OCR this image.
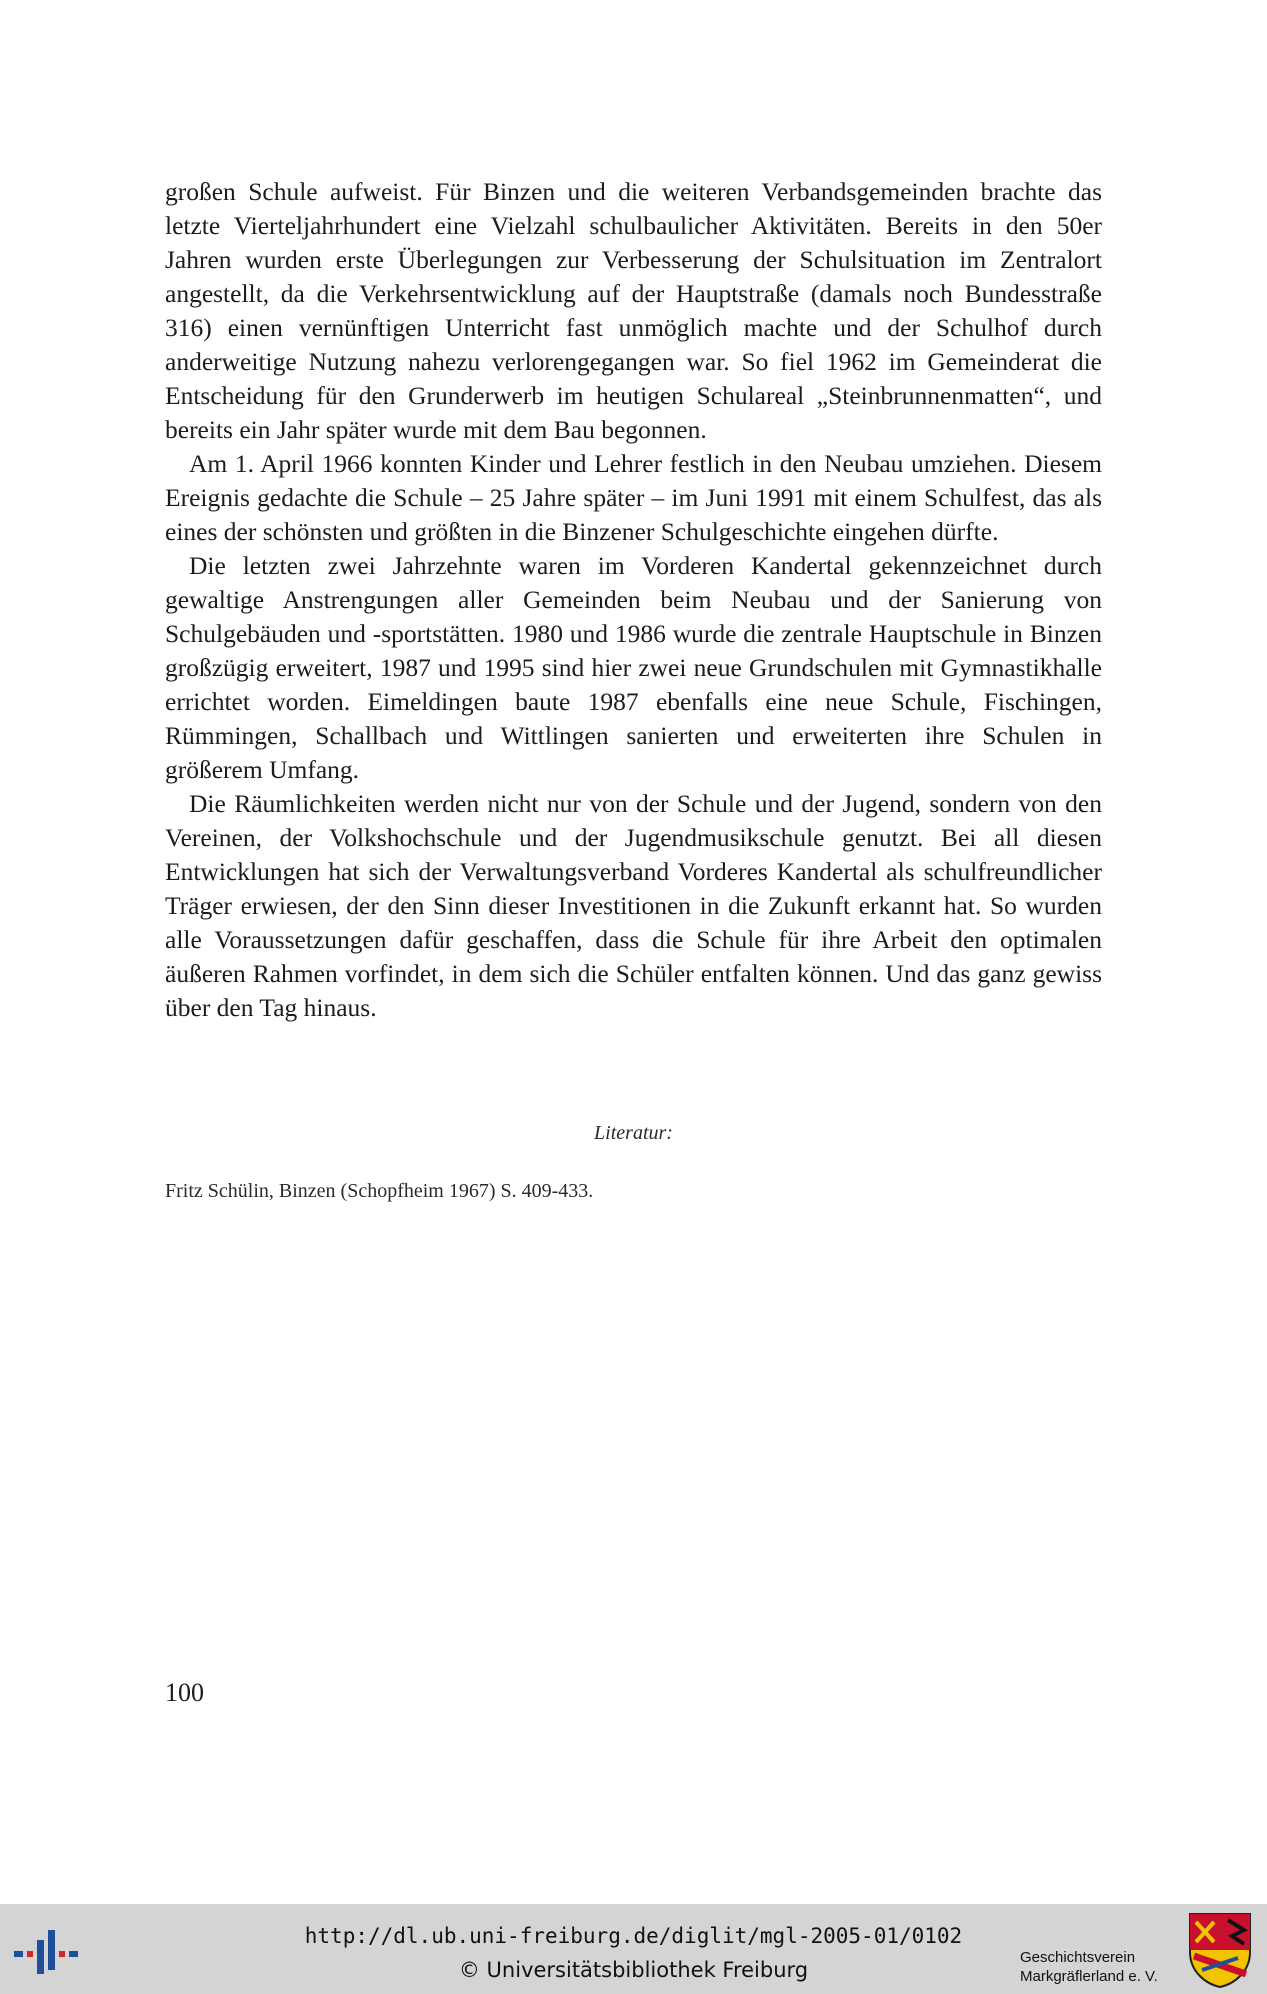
großen Schule aufweist. Für Binzen und die weiteren Verbandsgemeinden brachte das letzte Vierteljahrhundert eine Vielzahl schulbaulicher Aktivitäten. Bereits in den 50er Jahren wurden erste Überlegungen zur Verbesserung der Schulsituation im Zentralort angestellt, da die Verkehrsentwicklung auf der Hauptstraße (damals noch Bundesstraße 316) einen vernünftigen Unterricht fast unmöglich machte und der Schulhof durch anderweitige Nutzung nahezu verlorengegangen war. So fiel 1962 im Gemeinderat die Entscheidung für den Grunderwerb im heutigen Schulareal „Steinbrunnenmatten“, und bereits ein Jahr später wurde mit dem Bau begonnen.

Am 1. April 1966 konnten Kinder und Lehrer festlich in den Neubau umziehen. Diesem Ereignis gedachte die Schule – 25 Jahre später – im Juni 1991 mit einem Schulfest, das als eines der schönsten und größten in die Binzener Schulgeschichte eingehen dürfte.

Die letzten zwei Jahrzehnte waren im Vorderen Kandertal gekennzeichnet durch gewaltige Anstrengungen aller Gemeinden beim Neubau und der Sanierung von Schulgebäuden und -sportstätten. 1980 und 1986 wurde die zentrale Hauptschule in Binzen großzügig erweitert, 1987 und 1995 sind hier zwei neue Grundschulen mit Gymnastikhalle errichtet worden. Eimeldingen baute 1987 ebenfalls eine neue Schule, Fischingen, Rümmingen, Schallbach und Wittlingen sanierten und erweiterten ihre Schulen in größerem Umfang.

Die Räumlichkeiten werden nicht nur von der Schule und der Jugend, sondern von den Vereinen, der Volkshochschule und der Jugendmusikschule genutzt. Bei all diesen Entwicklungen hat sich der Verwaltungsverband Vorderes Kandertal als schulfreundlicher Träger erwiesen, der den Sinn dieser Investitionen in die Zukunft erkannt hat. So wurden alle Voraussetzungen dafür geschaffen, dass die Schule für ihre Arbeit den optimalen äußeren Rahmen vorfindet, in dem sich die Schüler entfalten können. Und das ganz gewiss über den Tag hinaus.

Literatur:
Fritz Schülin, Binzen (Schopfheim 1967) S. 409-433.
100
http://dl.ub.uni-freiburg.de/diglit/mgl-2005-01/0102
© Universitätsbibliothek Freiburg
Geschichtsverein
Markgräflerland e. V.
